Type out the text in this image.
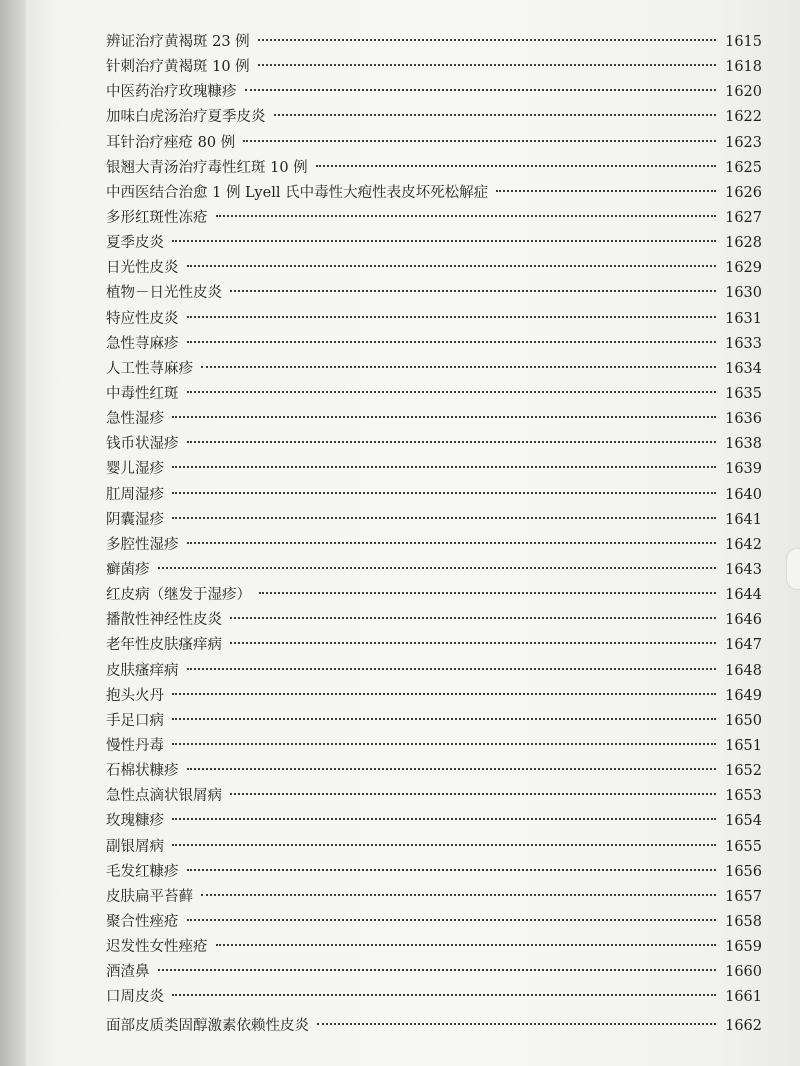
辨证治疗黄褐斑 23 例	1615
针刺治疗黄褐斑 10 例	1618
中医药治疗玫瑰糠疹	1620
加味白虎汤治疗夏季皮炎	1622
耳针治疗痤疮 80 例	1623
银翘大青汤治疗毒性红斑 10 例	1625
中西医结合治愈 1 例 Lyell 氏中毒性大疱性表皮坏死松解症	1626
多形红斑性冻疮	1627
夏季皮炎	1628
日光性皮炎	1629
植物－日光性皮炎	1630
特应性皮炎	1631
急性荨麻疹	1633
人工性荨麻疹	1634
中毒性红斑	1635
急性湿疹	1636
钱币状湿疹	1638
婴儿湿疹	1639
肛周湿疹	1640
阴囊湿疹	1641
多腔性湿疹	1642
癣菌疹	1643
红皮病（继发于湿疹）	1644
播散性神经性皮炎	1646
老年性皮肤瘙痒病	1647
皮肤瘙痒病	1648
抱头火丹	1649
手足口病	1650
慢性丹毒	1651
石棉状糠疹	1652
急性点滴状银屑病	1653
玫瑰糠疹	1654
副银屑病	1655
毛发红糠疹	1656
皮肤扁平苔藓	1657
聚合性痤疮	1658
迟发性女性痤疮	1659
酒渣鼻	1660
口周皮炎	1661
面部皮质类固醇激素依赖性皮炎	1662
